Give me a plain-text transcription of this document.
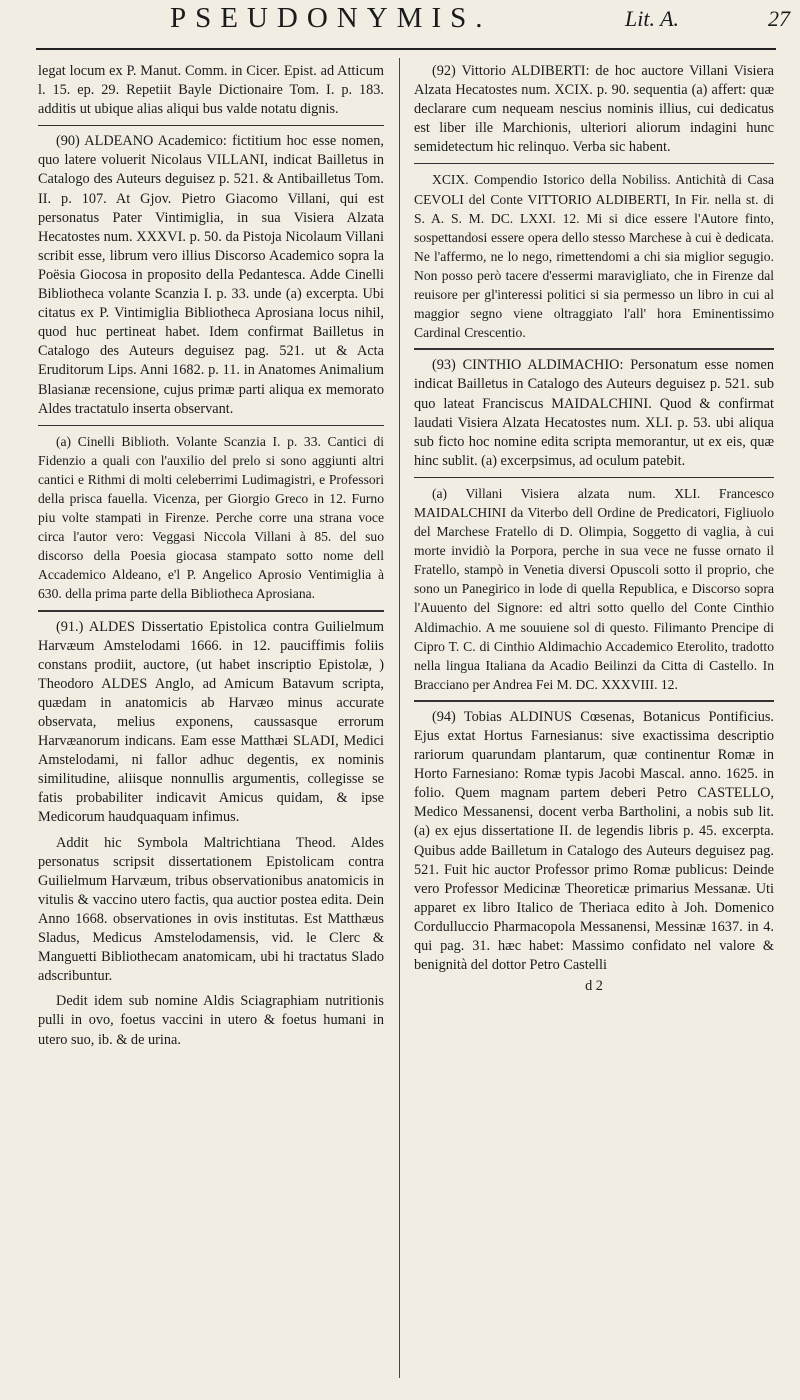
PSEUDONYMIS.	Lit. A.	27

legat locum ex P. Manut. Comm. in Cicer. Epist. ad Atticum l. 15. ep. 29. Repetiit Bayle Dictionaire Tom. I. p. 183. additis ut ubique alias aliqui bus valde notatu dignis.

(90) ALDEANO Academico: fictitium hoc esse nomen, quo latere voluerit Nicolaus VILLANI, indicat Bailletus in Catalogo des Auteurs deguisez p. 521. & Antibailletus Tom. II. p. 107. At Gjov. Pietro Giacomo Villani, qui est personatus Pater Vintimiglia, in sua Visiera Alzata Hecatostes num. XXXVI. p. 50. da Pistoja Nicolaum Villani scribit esse, librum vero illius Discorso Academico sopra la Poësia Giocosa in proposito della Pedantesca. Adde Cinelli Bibliotheca volante Scanzia I. p. 33. unde (a) excerpta. Ubi citatus ex P. Vintimiglia Bibliotheca Aprosiana locus nihil, quod huc pertineat habet. Idem confirmat Bailletus in Catalogo des Auteurs deguisez pag. 521. ut & Acta Eruditorum Lips. Anni 1682. p. 11. in Anatomes Animalium Blasianæ recensione, cujus primæ parti aliqua ex memorato Aldes tractatulo inserta observant.

(a) Cinelli Biblioth. Volante Scanzia I. p. 33. Cantici di Fidenzio a quali con l'auxilio del prelo si sono aggiunti altri cantici e Rithmi di molti celeberrimi Ludimagistri, e Professori della prisca fauella. Vicenza, per Giorgio Greco in 12. Furno piu volte stampati in Firenze. Perche corre una strana voce circa l'autor vero: Veggasi Niccola Villani à 85. del suo discorso della Poesia giocasa stampato sotto nome dell Accademico Aldeano, e'l P. Angelico Aprosio Ventimiglia à 630. della prima parte della Bibliotheca Aprosiana.

(91.) ALDES Dissertatio Epistolica contra Guilielmum Harvæum Amstelodami 1666. in 12. pauciffimis foliis constans prodiit, auctore, (ut habet inscriptio Epistolæ, ) Theodoro ALDES Anglo, ad Amicum Batavum scripta, quædam in anatomicis ab Harvæo minus accurate observata, melius exponens, caussasque errorum Harvæanorum indicans. Eam esse Matthæi SLADI, Medici Amstelodami, ni fallor adhuc degentis, ex nominis similitudine, aliisque nonnullis argumentis, collegisse se fatis probabiliter indicavit Amicus quidam, & ipse Medicorum haudquaquam infimus.

Addit hic Symbola Maltrichtiana Theod. Aldes personatus scripsit dissertationem Epistolicam contra Guilielmum Harvæum, tribus observationibus anatomicis in vitulis & vaccino utero factis, qua auctior postea edita. Dein Anno 1668. observationes in ovis institutas. Est Matthæus Sladus, Medicus Amstelodamensis, vid. le Clerc & Manguetti Bibliothecam anatomicam, ubi hi tractatus Slado adscribuntur.

Dedit idem sub nomine Aldis Sciagraphiam nutritionis pulli in ovo, foetus vaccini in utero & foetus humani in utero suo, ib. & de urina.

(92) Vittorio ALDIBERTI: de hoc auctore Villani Visiera Alzata Hecatostes num. XCIX. p. 90. sequentia (a) affert: quæ declarare cum nequeam nescius nominis illius, cui dedicatus est liber ille Marchionis, ulteriori aliorum indagini hunc semidetectum hic relinquo. Verba sic habent.

XCIX. Compendio Istorico della Nobiliss. Antichità di Casa CEVOLI del Conte VITTORIO ALDIBERTI, In Fir. nella st. di S. A. S. M. DC. LXXI. 12. Mi si dice essere l'Autore finto, sospettandosi essere opera dello stesso Marchese à cui è dedicata. Ne l'affermo, ne lo nego, rimettendomi a chi sia miglior segugio. Non posso però tacere d'essermi maravigliato, che in Firenze dal reuisore per gl'interessi politici si sia permesso un libro in cui al maggior segno viene oltraggiato l'all' hora Eminentissimo Cardinal Crescentio.

(93) CINTHIO ALDIMACHIO: Personatum esse nomen indicat Bailletus in Catalogo des Auteurs deguisez p. 521. sub quo lateat Franciscus MAIDALCHINI. Quod & confirmat laudati Visiera Alzata Hecatostes num. XLI. p. 53. ubi aliqua sub ficto hoc nomine edita scripta memorantur, ut ex eis, quæ hinc sublit. (a) excerpsimus, ad oculum patebit.

(a) Villani Visiera alzata num. XLI. Francesco MAIDALCHINI da Viterbo dell Ordine de Predicatori, Figliuolo del Marchese Fratello di D. Olimpia, Soggetto di vaglia, à cui morte invidiò la Porpora, perche in sua vece ne fusse ornato il Fratello, stampò in Venetia diversi Opuscoli sotto il proprio, che sono un Panegirico in lode di quella Republica, e Discorso sopra l'Auuento del Signore: ed altri sotto quello del Conte Cinthio Aldimachio. A me souuiene sol di questo. Filimanto Prencipe di Cipro T. C. di Cinthio Aldimachio Accademico Eterolito, tradotto nella lingua Italiana da Acadio Beilinzi da Citta di Castello. In Bracciano per Andrea Fei M. DC. XXXVIII. 12.

(94) Tobias ALDINUS Cœsenas, Botanicus Pontificius. Ejus extat Hortus Farnesianus: sive exactissima descriptio rariorum quarundam plantarum, quæ continentur Romæ in Horto Farnesiano: Romæ typis Jacobi Mascal. anno. 1625. in folio. Quem magnam partem deberi Petro CASTELLO, Medico Messanensi, docent verba Bartholini, a nobis sub lit. (a) ex ejus dissertatione II. de legendis libris p. 45. excerpta. Quibus adde Bailletum in Catalogo des Auteurs deguisez pag. 521. Fuit hic auctor Professor primo Romæ publicus: Deinde vero Professor Medicinæ Theoreticæ primarius Messanæ. Uti apparet ex libro Italico de Theriaca edito à Joh. Domenico Cordulluccio Pharmacopola Messanensi, Messinæ 1637. in 4. qui pag. 31. hæc habet: Massimo confidato nel valore & benignità del dottor Petro Castelli

d 2
